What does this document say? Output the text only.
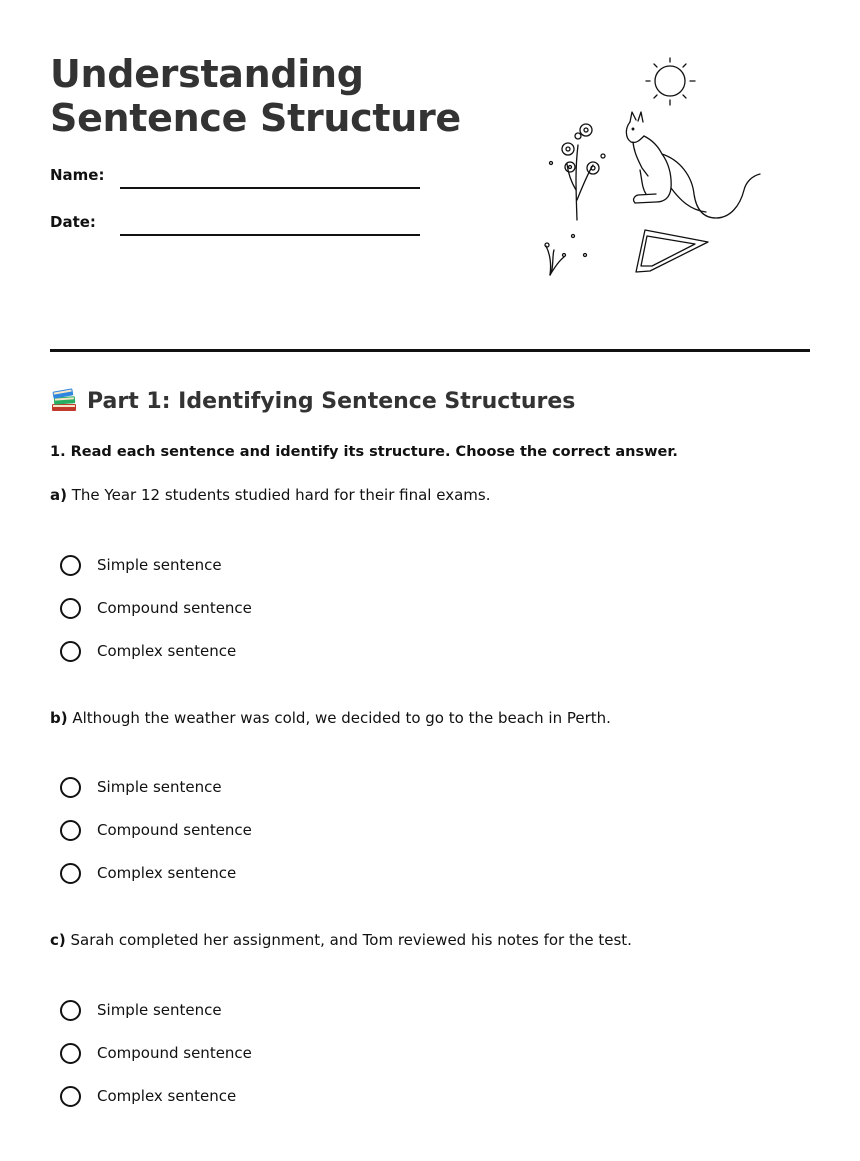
Understanding
Sentence Structure
Name:
Date:
Part 1: Identifying Sentence Structures

1. Read each sentence and identify its structure. Choose the correct answer.

a) The Year 12 students studied hard for their final exams.

Simple sentence
Compound sentence
Complex sentence

b) Although the weather was cold, we decided to go to the beach in Perth.

Simple sentence
Compound sentence
Complex sentence

c) Sarah completed her assignment, and Tom reviewed his notes for the test.

Simple sentence
Compound sentence
Complex sentence
